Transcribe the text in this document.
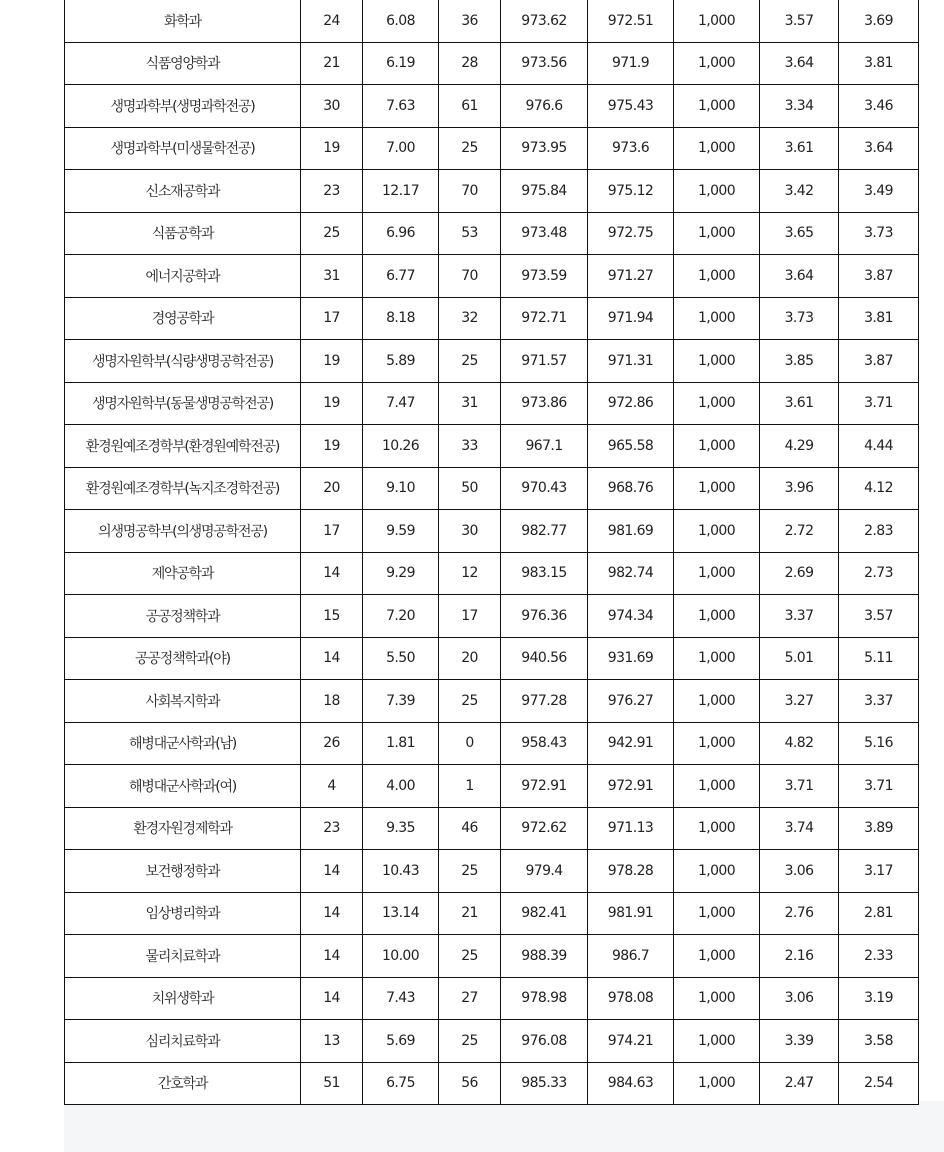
화학과	24	6.08	36	973.62	972.51	1,000	3.57	3.69
식품영양학과	21	6.19	28	973.56	971.9	1,000	3.64	3.81
생명과학부(생명과학전공)	30	7.63	61	976.6	975.43	1,000	3.34	3.46
생명과학부(미생물학전공)	19	7.00	25	973.95	973.6	1,000	3.61	3.64
신소재공학과	23	12.17	70	975.84	975.12	1,000	3.42	3.49
식품공학과	25	6.96	53	973.48	972.75	1,000	3.65	3.73
에너지공학과	31	6.77	70	973.59	971.27	1,000	3.64	3.87
경영공학과	17	8.18	32	972.71	971.94	1,000	3.73	3.81
생명자원학부(식량생명공학전공)	19	5.89	25	971.57	971.31	1,000	3.85	3.87
생명자원학부(동물생명공학전공)	19	7.47	31	973.86	972.86	1,000	3.61	3.71
환경원예조경학부(환경원예학전공)	19	10.26	33	967.1	965.58	1,000	4.29	4.44
환경원예조경학부(녹지조경학전공)	20	9.10	50	970.43	968.76	1,000	3.96	4.12
의생명공학부(의생명공학전공)	17	9.59	30	982.77	981.69	1,000	2.72	2.83
제약공학과	14	9.29	12	983.15	982.74	1,000	2.69	2.73
공공정책학과	15	7.20	17	976.36	974.34	1,000	3.37	3.57
공공정책학과(야)	14	5.50	20	940.56	931.69	1,000	5.01	5.11
사회복지학과	18	7.39	25	977.28	976.27	1,000	3.27	3.37
해병대군사학과(남)	26	1.81	0	958.43	942.91	1,000	4.82	5.16
해병대군사학과(여)	4	4.00	1	972.91	972.91	1,000	3.71	3.71
환경자원경제학과	23	9.35	46	972.62	971.13	1,000	3.74	3.89
보건행정학과	14	10.43	25	979.4	978.28	1,000	3.06	3.17
임상병리학과	14	13.14	21	982.41	981.91	1,000	2.76	2.81
물리치료학과	14	10.00	25	988.39	986.7	1,000	2.16	2.33
치위생학과	14	7.43	27	978.98	978.08	1,000	3.06	3.19
심리치료학과	13	5.69	25	976.08	974.21	1,000	3.39	3.58
간호학과	51	6.75	56	985.33	984.63	1,000	2.47	2.54
